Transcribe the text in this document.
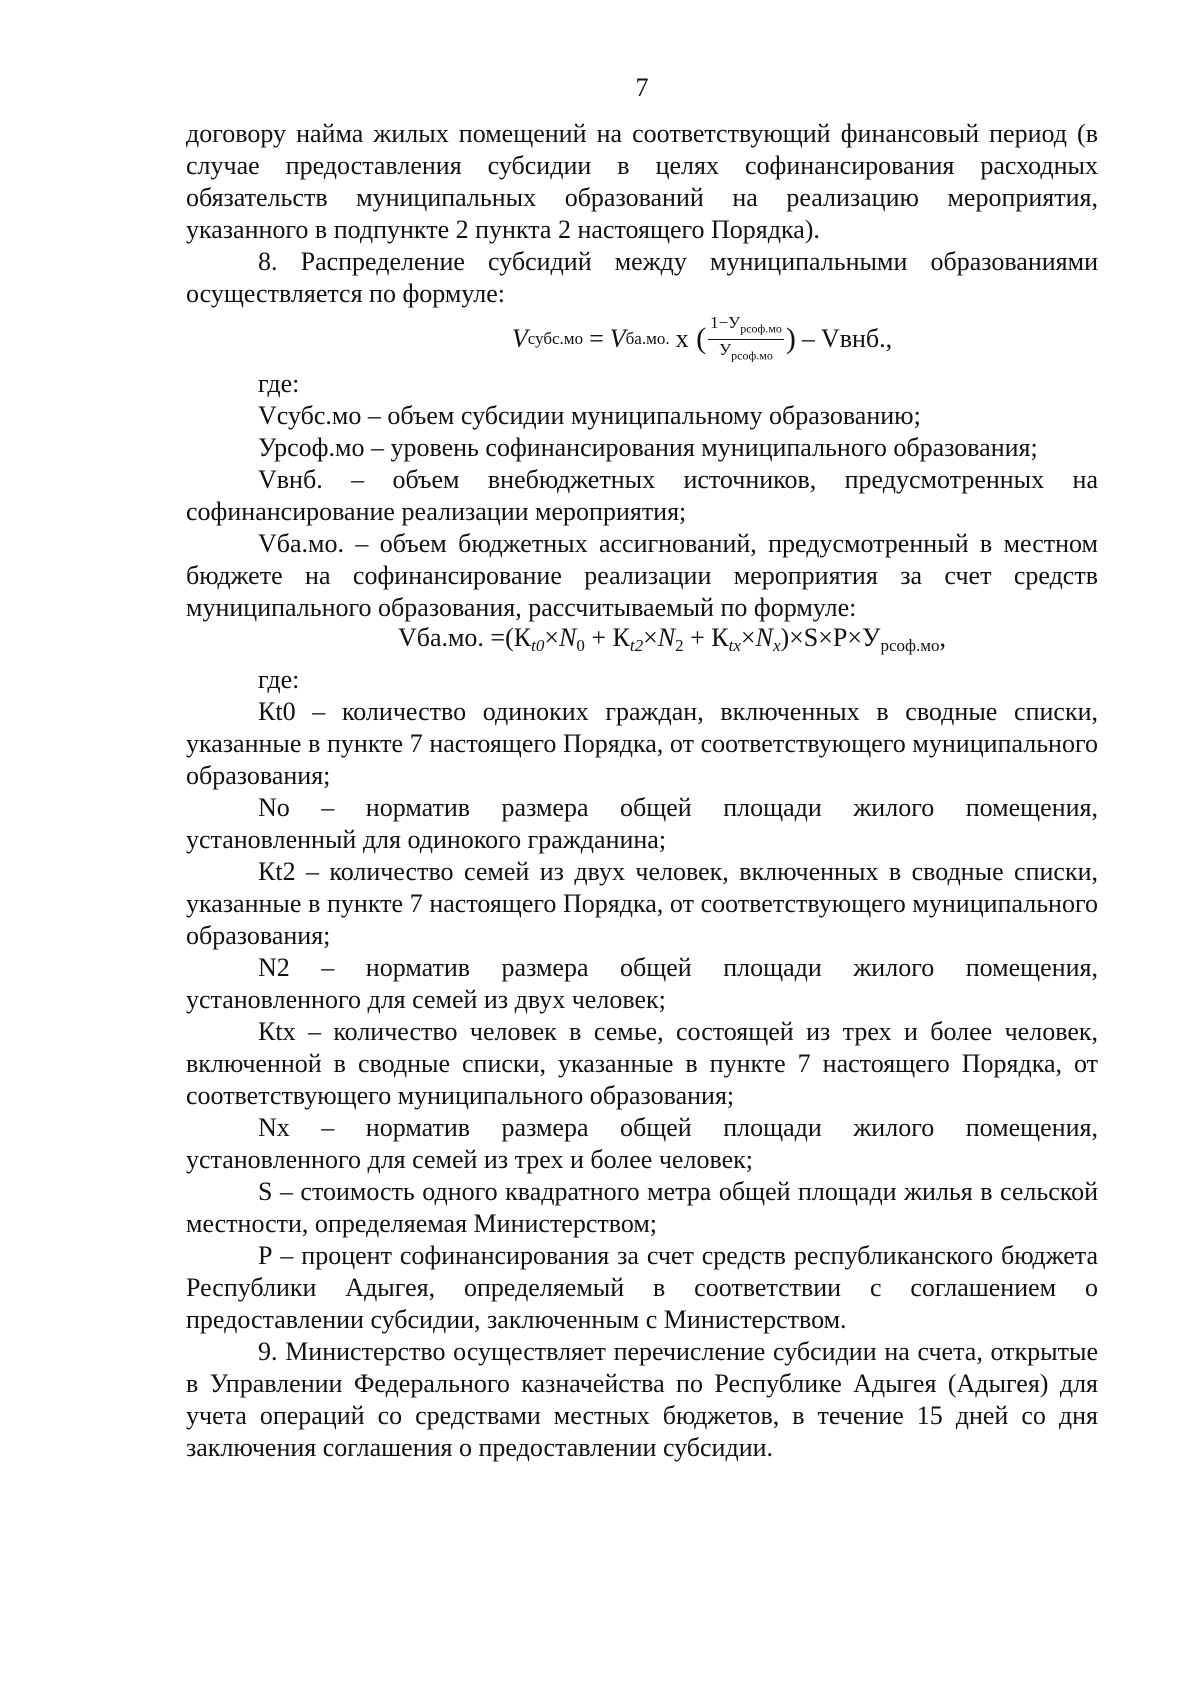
7

договору найма жилых помещений на соответствующий финансовый период (в случае предоставления субсидии в целях софинансирования расходных обязательств муниципальных образований на реализацию мероприятия, указанного в подпункте 2 пункта 2 настоящего Порядка).

8. Распределение субсидий между муниципальными образованиями осуществляется по формуле:

V субс.мо = V ба.мо. x ( $\frac{1-У_{рсоф.мо}}{У_{рсоф.мо}}$ ) – Vвнб.,

где:

Vсубс.мо – объем субсидии муниципальному образованию;

Урсоф.мо – уровень софинансирования муниципального образования;

Vвнб. – объем внебюджетных источников, предусмотренных на софинансирование реализации мероприятия;

Vба.мо. – объем бюджетных ассигнований, предусмотренный в местном бюджете на софинансирование реализации мероприятия за счет средств муниципального образования, рассчитываемый по формуле:

Vба.мо. $=(К_{t0}\times N_0 + К_{t2}\times N_2 + К_{tx}\times N_x)\times S\times P\times У_{рсоф.мо}$,

где:

Кt0 – количество одиноких граждан, включенных в сводные списки, указанные в пункте 7 настоящего Порядка, от соответствующего муниципального образования;

No – норматив размера общей площади жилого помещения, установленный для одинокого гражданина;

Кt2 – количество семей из двух человек, включенных в сводные списки, указанные в пункте 7 настоящего Порядка, от соответствующего муниципального образования;

N2 – норматив размера общей площади жилого помещения, установленного для семей из двух человек;

Кtx – количество человек в семье, состоящей из трех и более человек, включенной в сводные списки, указанные в пункте 7 настоящего Порядка, от соответствующего муниципального образования;

Nx – норматив размера общей площади жилого помещения, установленного для семей из трех и более человек;

S – стоимость одного квадратного метра общей площади жилья в сельской местности, определяемая Министерством;

Р – процент софинансирования за счет средств республиканского бюджета Республики Адыгея, определяемый в соответствии с соглашением о предоставлении субсидии, заключенным с Министерством.

9. Министерство осуществляет перечисление субсидии на счета, открытые в Управлении Федерального казначейства по Республике Адыгея (Адыгея) для учета операций со средствами местных бюджетов, в течение 15 дней со дня заключения соглашения о предоставлении субсидии.
